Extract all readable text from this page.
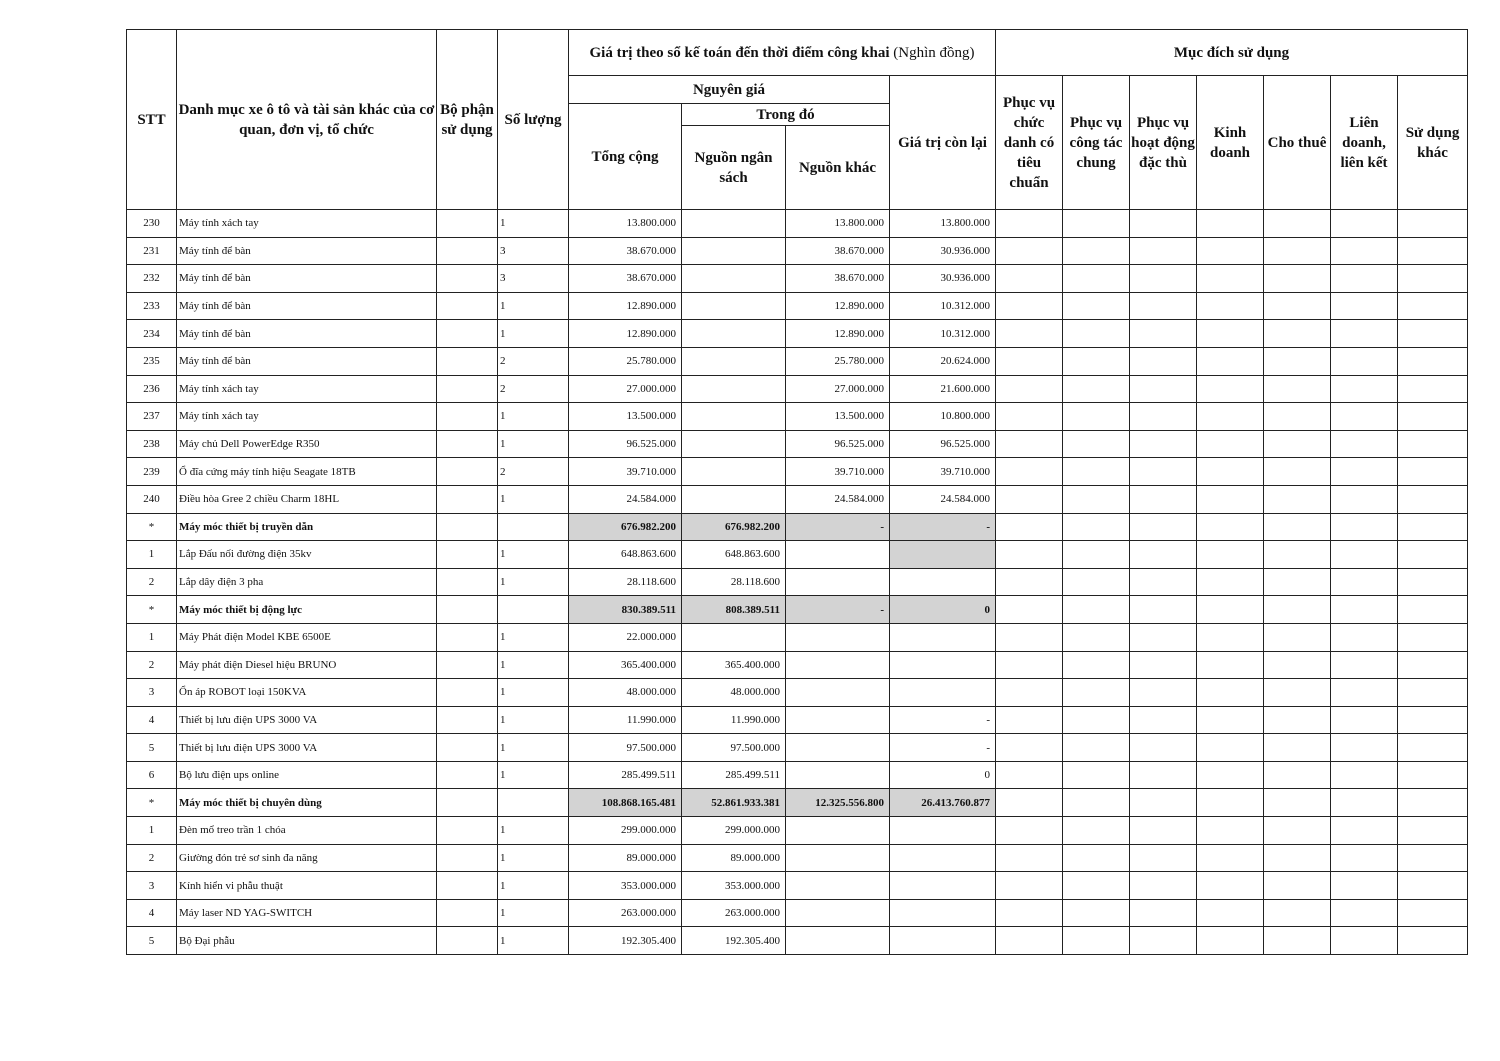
STT	Danh mục xe ô tô và tài sản khác của cơ quan, đơn vị, tổ chức	Bộ phận sử dụng	Số lượng	Giá trị theo sổ kế toán đến thời điểm công khai (Nghìn đồng)				Mục đích sử dụng						
				Nguyên giá			Giá trị còn lại	Phục vụ chức danh có tiêu chuẩn	Phục vụ công tác chung	Phục vụ hoạt động đặc thù	Kinh doanh	Cho thuê	Liên doanh, liên kết	Sử dụng khác
				Tổng cộng	Trong đó									
					Nguồn ngân sách	Nguồn khác								
230	Máy tính xách tay		1	13.800.000		13.800.000	13.800.000							
231	Máy tính để bàn		3	38.670.000		38.670.000	30.936.000							
232	Máy tính để bàn		3	38.670.000		38.670.000	30.936.000							
233	Máy tính để bàn		1	12.890.000		12.890.000	10.312.000							
234	Máy tính để bàn		1	12.890.000		12.890.000	10.312.000							
235	Máy tính để bàn		2	25.780.000		25.780.000	20.624.000							
236	Máy tính xách tay		2	27.000.000		27.000.000	21.600.000							
237	Máy tính xách tay		1	13.500.000		13.500.000	10.800.000							
238	Máy chủ Dell PowerEdge R350		1	96.525.000		96.525.000	96.525.000							
239	Ổ đĩa cứng máy tính hiệu Seagate 18TB		2	39.710.000		39.710.000	39.710.000							
240	Điều hòa Gree 2 chiều Charm 18HL		1	24.584.000		24.584.000	24.584.000							
*	Máy móc thiết bị truyền dẫn			676.982.200	676.982.200	-	-							
1	Lắp Đấu nối đường điện 35kv		1	648.863.600	648.863.600									
2	Lắp dây điện 3 pha		1	28.118.600	28.118.600									
*	Máy móc thiết bị động lực			830.389.511	808.389.511	-	0							
1	Máy Phát điện Model KBE 6500E		1	22.000.000										
2	Máy phát điện Diesel hiệu BRUNO		1	365.400.000	365.400.000									
3	Ổn áp ROBOT loại 150KVA		1	48.000.000	48.000.000									
4	Thiết bị lưu điện UPS 3000 VA		1	11.990.000	11.990.000		-							
5	Thiết bị lưu điện UPS 3000 VA		1	97.500.000	97.500.000		-							
6	Bộ lưu điện ups online		1	285.499.511	285.499.511		0							
*	Máy móc thiết bị chuyên dùng			108.868.165.481	52.861.933.381	12.325.556.800	26.413.760.877							
1	Đèn mổ treo trần 1 chóa		1	299.000.000	299.000.000									
2	Giường đón trẻ sơ sinh đa năng		1	89.000.000	89.000.000									
3	Kính hiển vi phẫu thuật		1	353.000.000	353.000.000									
4	Máy laser ND YAG-SWITCH		1	263.000.000	263.000.000									
5	Bộ Đại phẫu		1	192.305.400	192.305.400									
